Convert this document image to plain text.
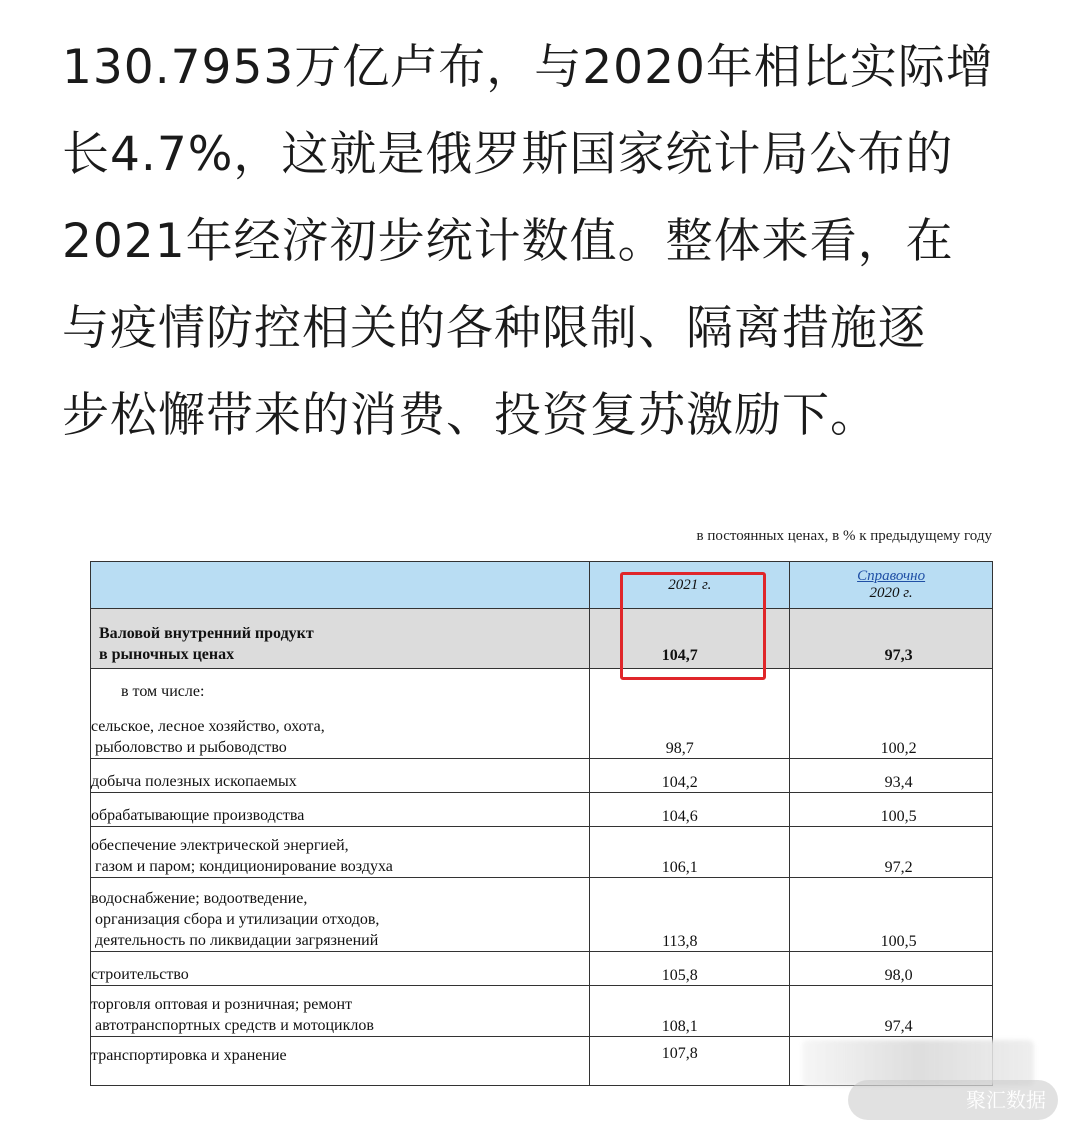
130.7953万亿卢布，与2020年相比实际增

长4.7%，这就是俄罗斯国家统计局公布的

2021年经济初步统计数值。整体来看，在

与疫情防控相关的各种限制、隔离措施逐

步松懈带来的消费、投资复苏激励下。

в постоянных ценах, в % к предыдущему году
	2021 г.	Справочно
2020 г.
Валовой внутренний продукт
в рыночных ценах	104,7	97,3

в том числе:
сельское, лесное хозяйство, охота,
рыболовство и рыбоводство	98,7	100,2
добыча полезных ископаемых	104,2	93,4
обрабатывающие производства	104,6	100,5
обеспечение электрической энергией,
газом и паром; кондиционирование воздуха	106,1	97,2
водоснабжение; водоотведение,
организация сбора и утилизации отходов,
деятельность по ликвидации загрязнений	113,8	100,5
строительство	105,8	98,0
торговля оптовая и розничная; ремонт
автотранспортных средств и мотоциклов	108,1	97,4
транспортировка и хранение	107,8	
聚汇数据
